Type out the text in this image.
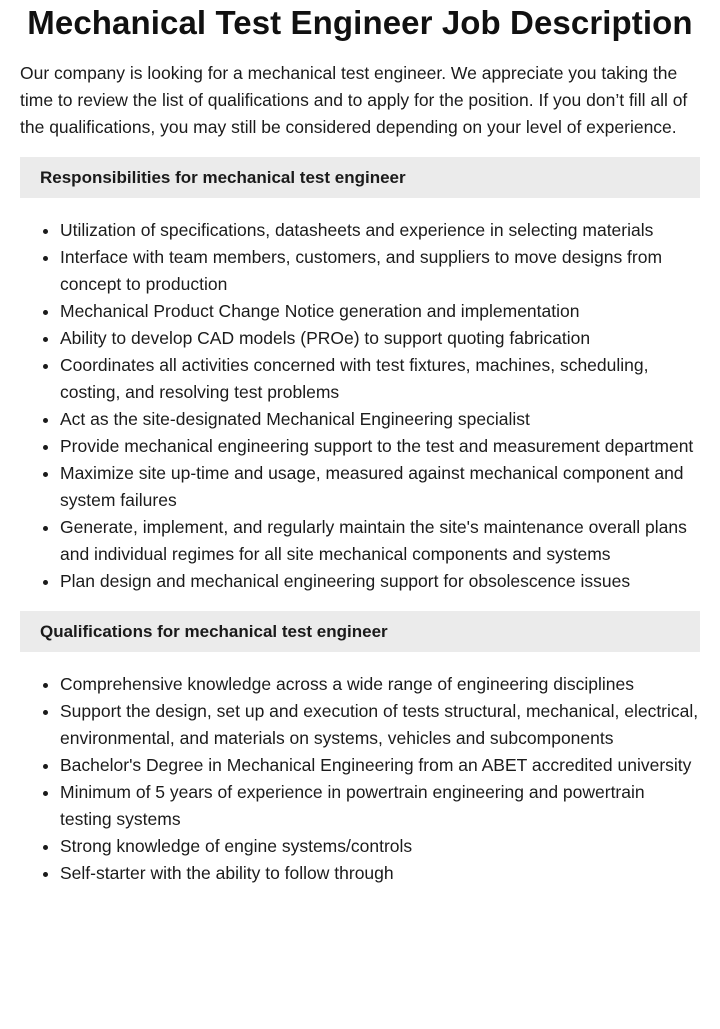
Mechanical Test Engineer Job Description

Our company is looking for a mechanical test engineer. We appreciate you taking the time to review the list of qualifications and to apply for the position. If you don’t fill all of the qualifications, you may still be considered depending on your level of experience.

Responsibilities for mechanical test engineer
Utilization of specifications, datasheets and experience in selecting materials
Interface with team members, customers, and suppliers to move designs from concept to production
Mechanical Product Change Notice generation and implementation
Ability to develop CAD models (PROe) to support quoting fabrication
Coordinates all activities concerned with test fixtures, machines, scheduling, costing, and resolving test problems
Act as the site-designated Mechanical Engineering specialist
Provide mechanical engineering support to the test and measurement department
Maximize site up-time and usage, measured against mechanical component and system failures
Generate, implement, and regularly maintain the site's maintenance overall plans and individual regimes for all site mechanical components and systems
Plan design and mechanical engineering support for obsolescence issues
Qualifications for mechanical test engineer
Comprehensive knowledge across a wide range of engineering disciplines
Support the design, set up and execution of tests structural, mechanical, electrical, environmental, and materials on systems, vehicles and subcomponents
Bachelor's Degree in Mechanical Engineering from an ABET accredited university
Minimum of 5 years of experience in powertrain engineering and powertrain testing systems
Strong knowledge of engine systems/controls
Self-starter with the ability to follow through
